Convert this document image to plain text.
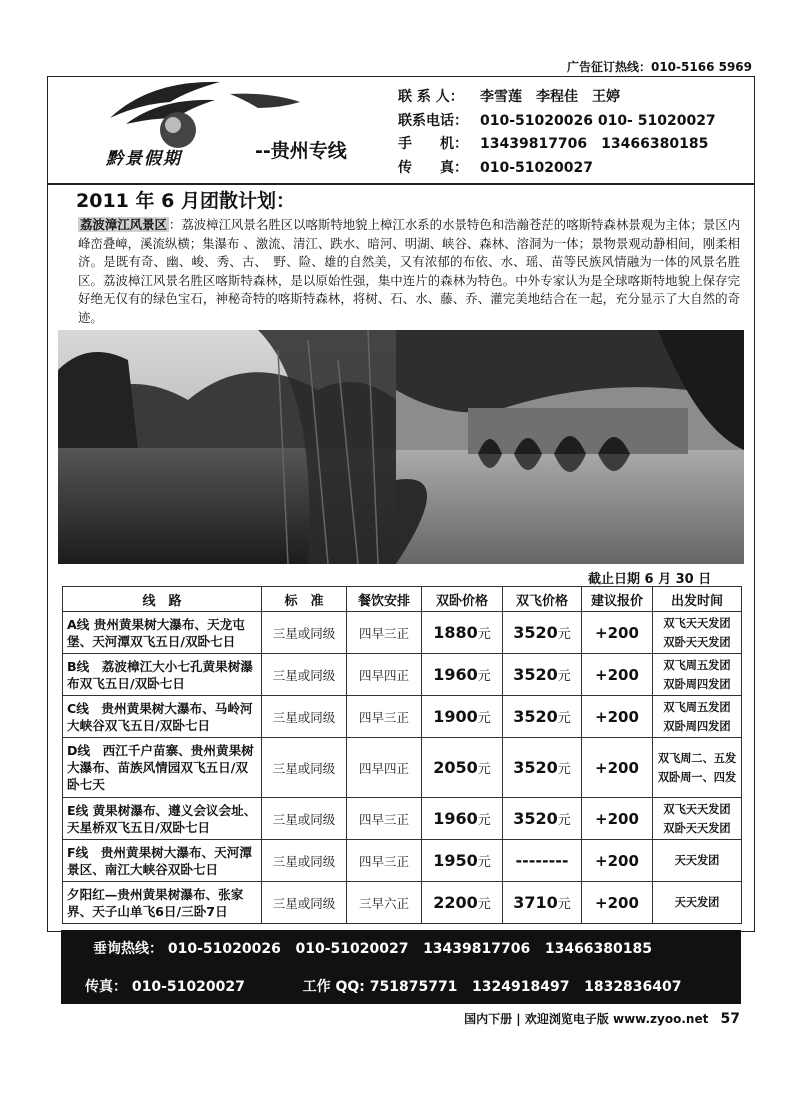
广告征订热线：010-5166 5969
黔景假期	--贵州专线
联 系 人： 李雪莲　李程佳　王婷
联系电话： 010-51020026 010- 51020027
手　　机： 13439817706　13466380185
传　　真： 010-51020027
2011 年 6 月团散计划：
荔波漳江风景区 ：荔波樟江风景名胜区以喀斯特地貌上樟江水系的水景特色和浩瀚苍茫的喀斯特森林景观为主体；景区内峰峦叠嶂，溪流纵横；集瀑布 、激流、清江、跌水、暗河、明湖、峡谷、森林、溶洞为一体；景物景观动静相间，刚柔相济。是既有奇、幽、峻、秀、古、　野、险、雄的自然美，又有浓郁的布依、水、瑶、苗等民族风情融为一体的风景名胜区。荔波樟江风景名胜区喀斯特森林，是以原始性强，集中连片的森林为特色。中外专家认为是全球喀斯特地貌上保存完好绝无仅有的绿色宝石，神秘奇特的喀斯特森林，将树、石、水、藤、乔、灌完美地结合在一起，充分显示了大自然的奇迹。
截止日期 6 月 30 日
线　路	标　准	餐饮安排	双卧价格	双飞价格	建议报价	出发时间
A线 贵州黄果树大瀑布、天龙屯堡、天河潭双飞五日/双卧七日	三星或同级	四早三正	1880元	3520元	+200	双飞天天发团
双卧天天发团

B线　荔波樟江大小七孔黄果树瀑布双飞五日/双卧七日	三星或同级	四早四正	1960元	3520元	+200	双飞周五发团
双卧周四发团

C线　贵州黄果树大瀑布、马岭河大峡谷双飞五日/双卧七日	三星或同级	四早三正	1900元	3520元	+200	双飞周五发团
双卧周四发团

D线　西江千户苗寨、贵州黄果树大瀑布、苗族风情园双飞五日/双卧七天	三星或同级	四早四正	2050元	3520元	+200	双飞周二、五发
双卧周一、四发

E线 黄果树瀑布、遵义会议会址、天星桥双飞五日/双卧七日	三星或同级	四早三正	1960元	3520元	+200	双飞天天发团
双卧天天发团

F线　贵州黄果树大瀑布、天河潭景区、南江大峡谷双卧七日	三星或同级	四早三正	1950元	--------	+200	天天发团

夕阳红—贵州黄果树瀑布、张家界、天子山单飞6日/三卧7日	三星或同级	三早六正	2200元	3710元	+200	天天发团
垂询热线： 010-51020026 010-51020027 13439817706 13466380185
传真： 010-51020027	工作 QQ: 751875771 1324918497 1832836407
国内下册 | 欢迎浏览电子版 www.zyoo.net 57
